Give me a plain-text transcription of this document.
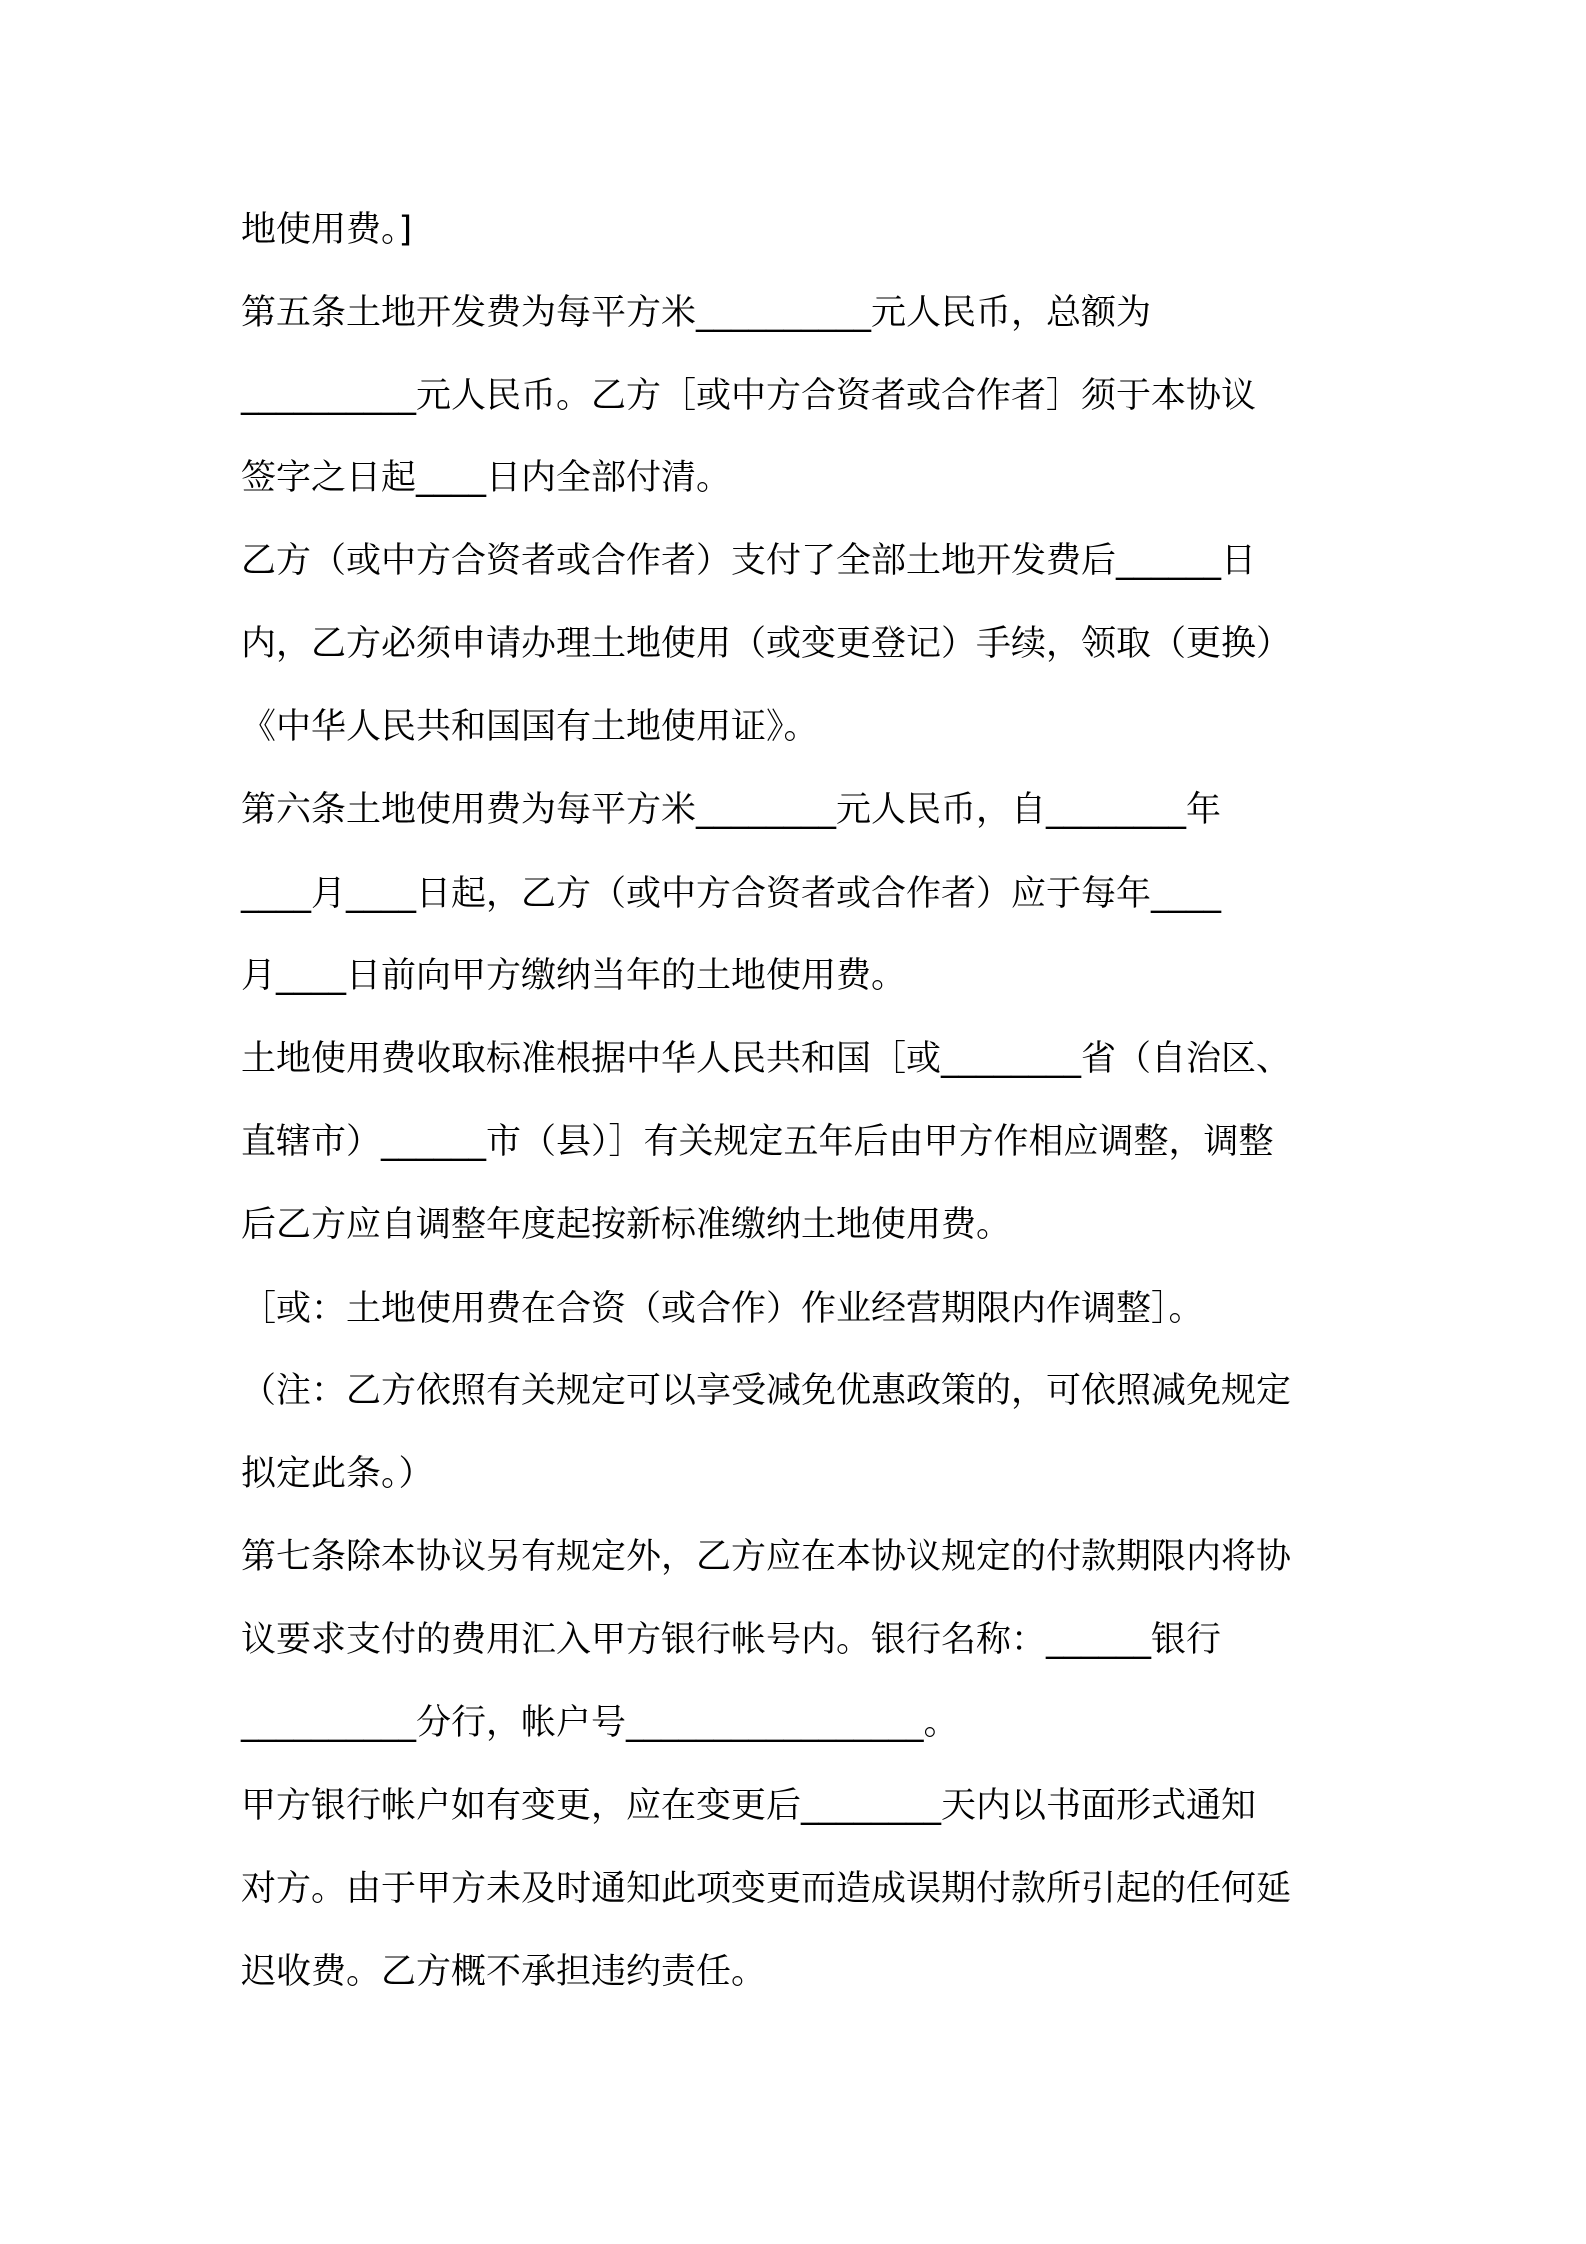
地使用费。]
第五条土地开发费为每平方米__________元人民币，总额为
__________元人民币。乙方［或中方合资者或合作者］须于本协议
签字之日起____日内全部付清。
乙方（或中方合资者或合作者）支付了全部土地开发费后______日
内，乙方必须申请办理土地使用（或变更登记）手续，领取（更换）
《中华人民共和国国有土地使用证》。
第六条土地使用费为每平方米________元人民币，自________年
____月____日起，乙方（或中方合资者或合作者）应于每年____
月____日前向甲方缴纳当年的土地使用费。
土地使用费收取标准根据中华人民共和国［或________省（自治区、
直辖市）______市（县）］有关规定五年后由甲方作相应调整，调整
后乙方应自调整年度起按新标准缴纳土地使用费。
［或：土地使用费在合资（或合作）作业经营期限内作调整］。
（注：乙方依照有关规定可以享受减免优惠政策的，可依照减免规定
拟定此条。）
第七条除本协议另有规定外，乙方应在本协议规定的付款期限内将协
议要求支付的费用汇入甲方银行帐号内。银行名称：______银行
__________分行，帐户号_________________。
甲方银行帐户如有变更，应在变更后________天内以书面形式通知
对方。由于甲方未及时通知此项变更而造成误期付款所引起的任何延
迟收费。乙方概不承担违约责任。
